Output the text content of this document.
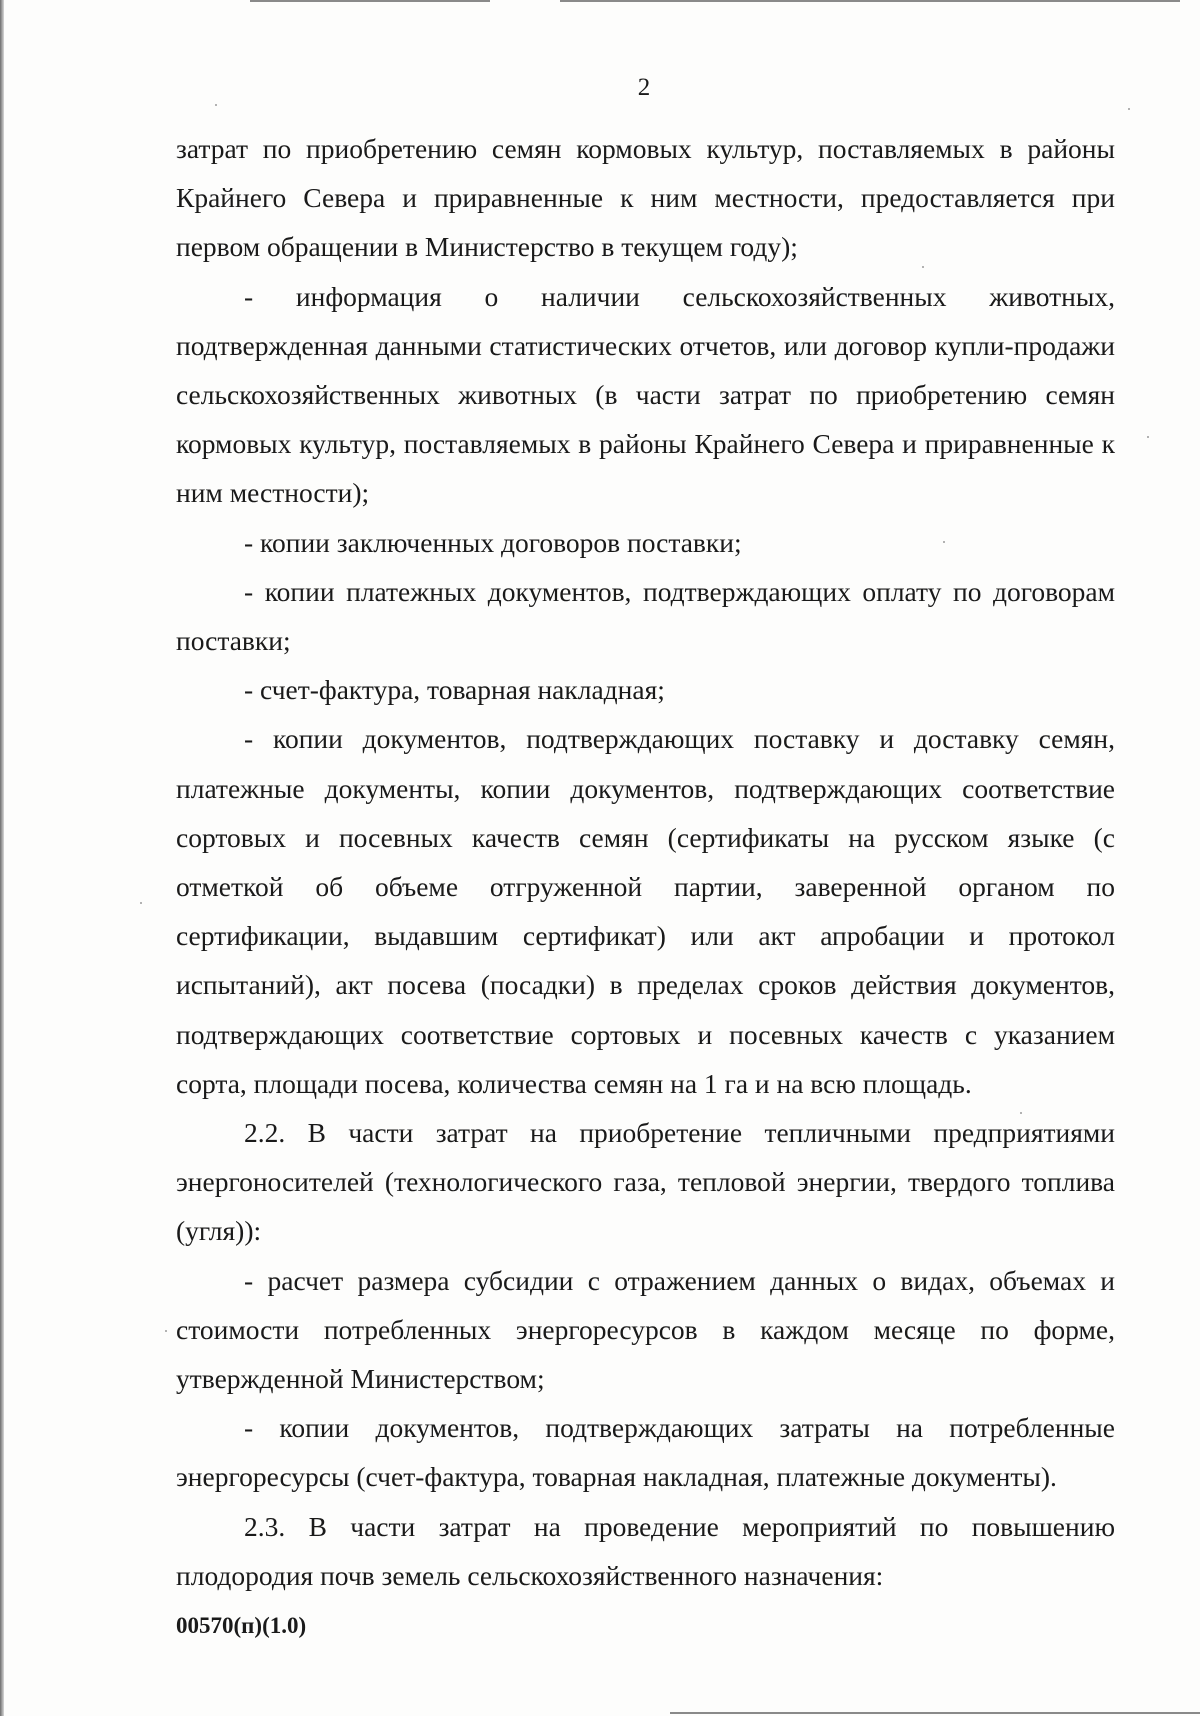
2

затрат по приобретению семян кормовых культур, поставляемых в районы Крайнего Севера и приравненные к ним местности, предоставляется при первом обращении в Министерство в текущем году);

- информация о наличии сельскохозяйственных животных, подтвержденная данными статистических отчетов, или договор купли-продажи сельскохозяйственных животных (в части затрат по приобретению семян кормовых культур, поставляемых в районы Крайнего Севера и приравненные к ним местности);

- копии заключенных договоров поставки;

- копии платежных документов, подтверждающих оплату по договорам поставки;

- счет-фактура, товарная накладная;

- копии документов, подтверждающих поставку и доставку семян, платежные документы, копии документов, подтверждающих соответствие сортовых и посевных качеств семян (сертификаты на русском языке (с отметкой об объеме отгруженной партии, заверенной органом по сертификации, выдавшим сертификат) или акт апробации и протокол испытаний), акт посева (посадки) в пределах сроков действия документов, подтверждающих соответствие сортовых и посевных качеств с указанием сорта, площади посева, количества семян на 1 га и на всю площадь.

2.2. В части затрат на приобретение тепличными предприятиями энергоносителей (технологического газа, тепловой энергии, твердого топлива (угля)):

- расчет размера субсидии с отражением данных о видах, объемах и стоимости потребленных энергоресурсов в каждом месяце по форме, утвержденной Министерством;

- копии документов, подтверждающих затраты на потребленные энергоресурсы (счет-фактура, товарная накладная, платежные документы).

2.3. В части затрат на проведение мероприятий по повышению плодородия почв земель сельскохозяйственного назначения:

00570(п)(1.0)
